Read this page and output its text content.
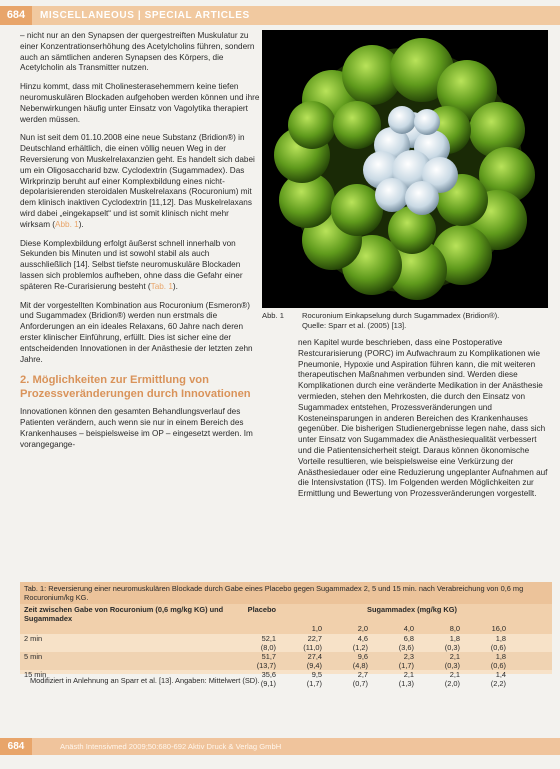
684	MISCELLANEOUS | SPECIAL ARTICLES

– nicht nur an den Synapsen der quergestreiften Muskulatur zu einer Konzentrationserhöhung des Acetylcholins führen, sondern auch an sämtlichen anderen Synapsen des Körpers, die Acetylcholin als Transmitter nutzen.

Hinzu kommt, dass mit Cholinesterasehemmern keine tiefen neuromuskulären Blockaden aufgehoben werden können und ihre Nebenwirkungen häufig unter Einsatz von Vagolytika therapiert werden müssen.

Nun ist seit dem 01.10.2008 eine neue Substanz (Bridion®) in Deutschland erhältlich, die einen völlig neuen Weg in der Reversierung von Muskelrelaxanzien geht. Es handelt sich dabei um ein Oligosaccharid bzw. Cyclodextrin (Sugammadex). Das Wirkprinzip beruht auf einer Komplexbildung eines nicht-depolarisierenden steroidalen Muskelrelaxans (Rocuronium) mit dem klinisch inaktiven Cyclodextrin [11,12]. Das Muskelrelaxans wird dabei „eingekapselt“ und ist somit klinisch nicht mehr wirksam (Abb. 1).

Diese Komplexbildung erfolgt äußerst schnell innerhalb von Sekunden bis Minuten und ist sowohl stabil als auch ausschließlich [14]. Selbst tiefste neuromuskuläre Blockaden lassen sich problemlos aufheben, ohne dass die Gefahr einer späteren Re-Curarisierung besteht (Tab. 1).

Mit der vorgestellten Kombination aus Rocuronium (Esmeron®) und Sugammadex (Bridion®) werden nun erstmals die Anforderungen an ein ideales Relaxans, 60 Jahre nach deren erster klinischer Einführung, erfüllt. Dies ist sicher eine der entscheidenden Innovationen in der Anästhesie der letzten zehn Jahre.

2. Möglichkeiten zur Ermittlung von Prozessveränderungen durch Innovationen

Innovationen können den gesamten Behandlungsverlauf des Patienten verändern, auch wenn sie nur in einem Bereich des Krankenhauses – beispielsweise im OP – eingesetzt werden. Im vorangegange-

Abb. 1 Rocuronium Einkapselung durch Sugammadex (Bridion®).
Quelle: Sparr et al. (2005) [13].

nen Kapitel wurde beschrieben, dass eine Postoperative Restcurarisierung (PORC) im Aufwachraum zu Komplikationen wie Pneumonie, Hypoxie und Aspiration führen kann, die mit weiteren therapeutischen Maßnahmen verbunden sind. Werden diese Komplikationen durch eine veränderte Medikation in der Anästhesie vermieden, stehen den Mehrkosten, die durch den Einsatz von Sugammadex entstehen, Prozessveränderungen und Kosteneinsparungen in anderen Bereichen des Krankenhauses gegenüber. Die bisherigen Studienergebnisse legen nahe, dass sich unter Einsatz von Sugammadex die Anästhesiequalität verbessert und die Patientensicherheit steigt. Daraus können ökonomische Vorteile resultieren, wie beispielsweise eine Verkürzung der Anästhesiedauer oder eine Reduzierung ungeplanter Aufnahmen auf die Intensivstation (ITS). Im Folgenden werden Möglichkeiten zur Ermittlung und Bewertung von Prozessveränderungen vorgestellt.

Tab. 1: Reversierung einer neuromuskulären Blockade durch Gabe eines Placebo gegen Sugammadex 2, 5 und 15 min. nach Verabreichung von 0,6 mg Rocuronium/kg KG.
Zeit zwischen Gabe von Rocuronium (0,6 mg/kg KG) und Sugammadex
Placebo	Sugammadex (mg/kg KG)
1,0	2,0	4,0	8,0	16,0
2 min	52,1	22,7	4,6	6,8	1,8	1,8
(8,0)	(11,0)	(1,2)	(3,6)	(0,3)	(0,6)
5 min	51,7	27,4	9,6	2,3	2,1	1,8
(13,7)	(9,4)	(4,8)	(1,7)	(0,3)	(0,6)
15 min	35,6	9,5	2,7	2,1	2,1	1,4
(9,1)	(1,7)	(0,7)	(1,3)	(2,0)	(2,2)
Modifiziert in Anlehnung an Sparr et al. [13]. Angaben: Mittelwert (SD).
684	Anästh Intensivmed 2009;50:680-692 Aktiv Druck & Verlag GmbH
